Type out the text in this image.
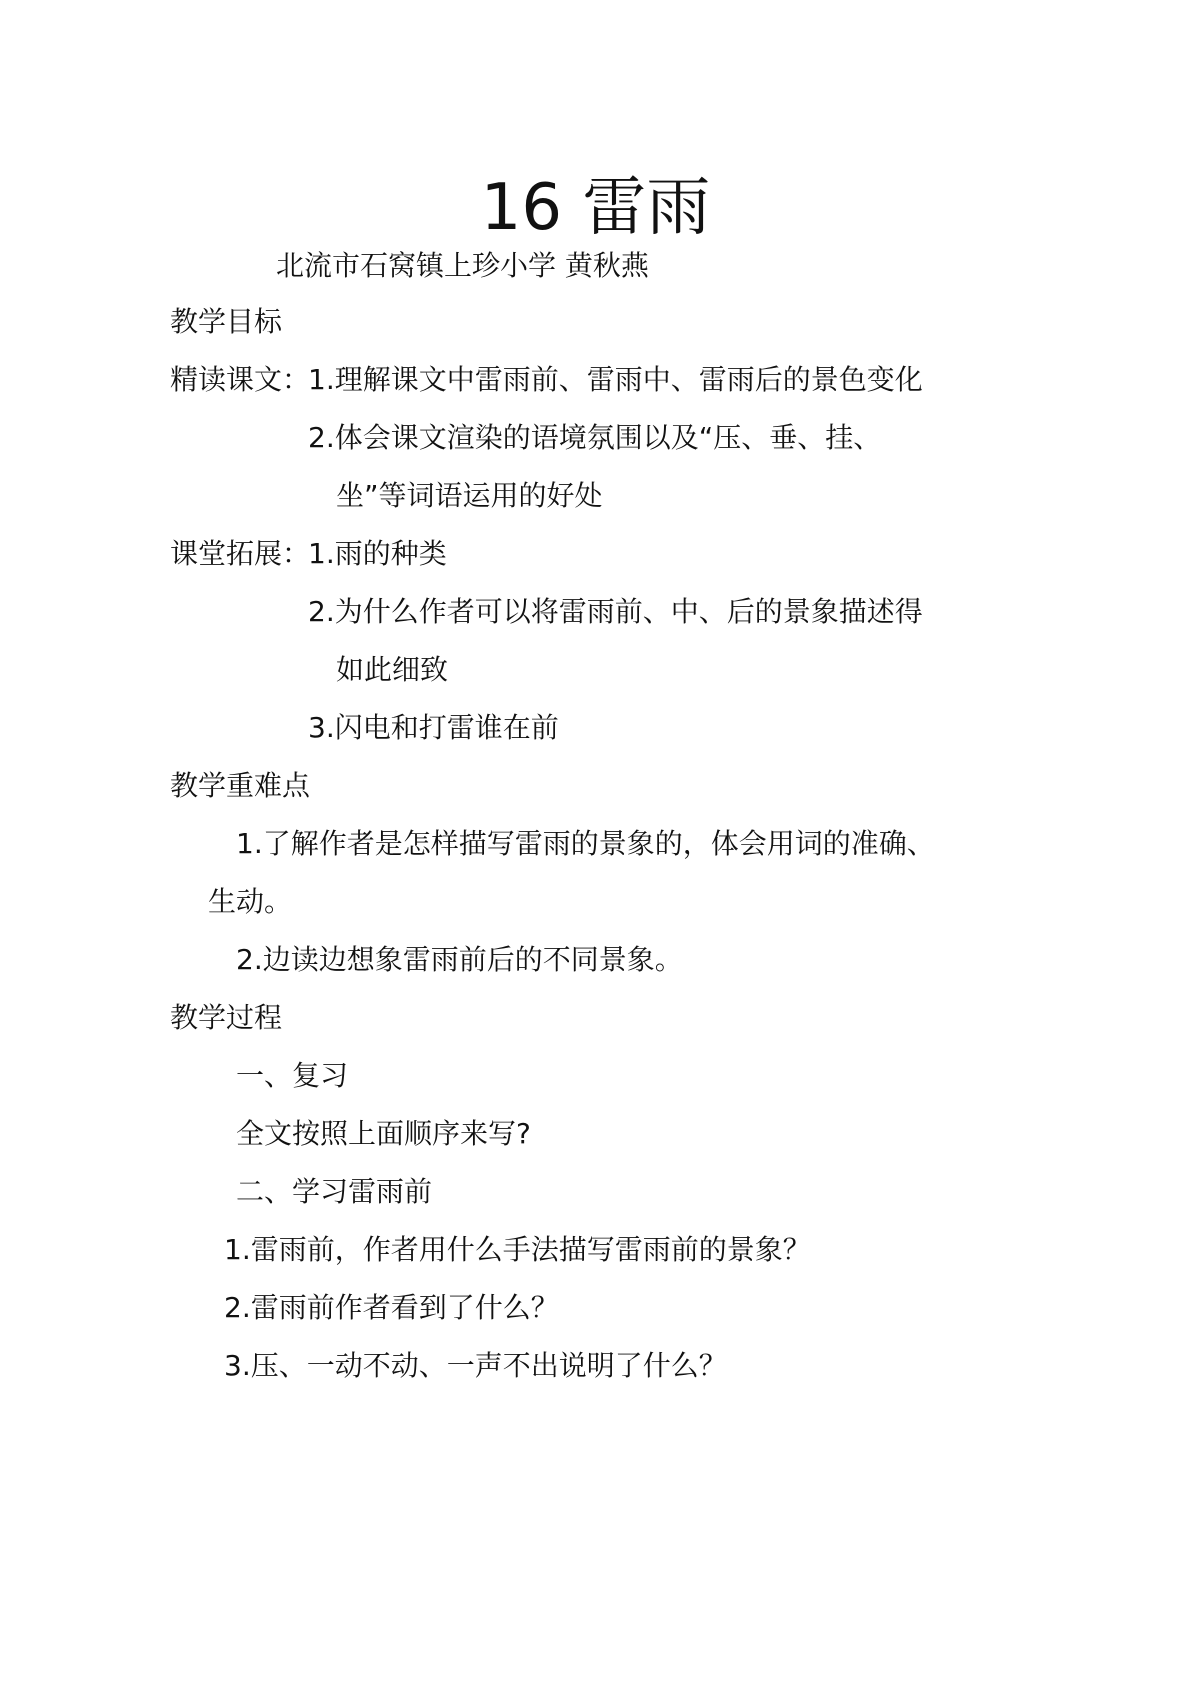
16 雷雨
北流市石窝镇上珍小学 黄秋燕
教学目标
精读课文：
1.理解课文中雷雨前、雷雨中、雷雨后的景色变化
2.体会课文渲染的语境氛围以及“压、垂、挂、
坐”等词语运用的好处
课堂拓展：
1.雨的种类
2.为什么作者可以将雷雨前、中、后的景象描述得
如此细致
3.闪电和打雷谁在前
教学重难点
1.了解作者是怎样描写雷雨的景象的，体会用词的准确、
生动。
2.边读边想象雷雨前后的不同景象。
教学过程
一、复习
全文按照上面顺序来写?
二、学习雷雨前
1.雷雨前，作者用什么手法描写雷雨前的景象？
2.雷雨前作者看到了什么？
3.压、一动不动、一声不出说明了什么？
